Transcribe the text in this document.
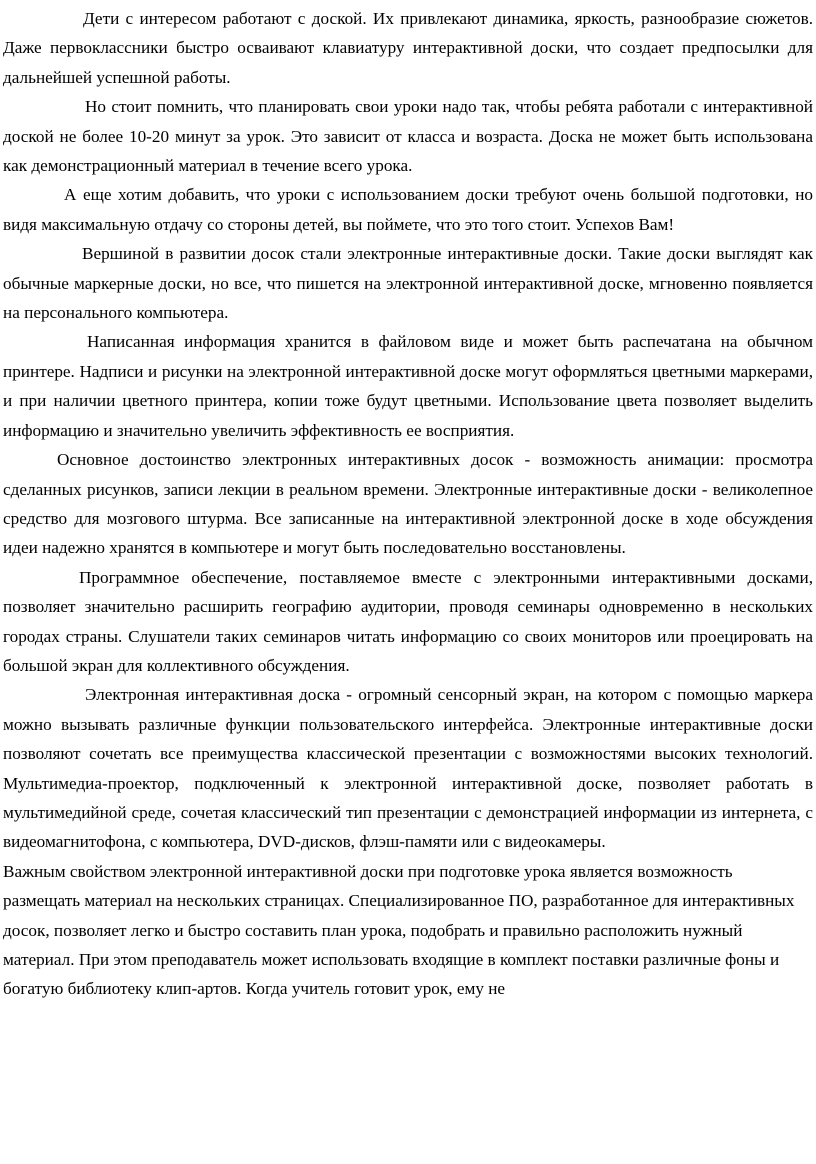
Дети с интересом работают с доской. Их привлекают динамика, яркость, разнообразие сюжетов. Даже первоклассники быстро осваивают клавиатуру интерактивной доски, что создает предпосылки для дальнейшей успешной работы.

Но стоит помнить, что планировать свои уроки надо так, чтобы ребята работали с интерактивной доской не более 10-20 минут за урок. Это зависит от класса и возраста. Доска не может быть использована как демонстрационный материал в течение всего урока.

А еще хотим добавить, что уроки с использованием доски требуют очень большой подготовки, но видя максимальную отдачу со стороны детей, вы поймете, что это того стоит. Успехов Вам!

Вершиной в развитии досок стали электронные интерактивные доски. Такие доски выглядят как обычные маркерные доски, но все, что пишется на электронной интерактивной доске, мгновенно появляется на персонального компьютера.

Написанная информация хранится в файловом виде и может быть распечатана на обычном принтере. Надписи и рисунки на электронной интерактивной доске могут оформляться цветными маркерами, и при наличии цветного принтера, копии тоже будут цветными. Использование цвета позволяет выделить информацию и значительно увеличить эффективность ее восприятия.

Основное достоинство электронных интерактивных досок - возможность анимации: просмотра сделанных рисунков, записи лекции в реальном времени. Электронные интерактивные доски - великолепное средство для мозгового штурма. Все записанные на интерактивной электронной доске в ходе обсуждения идеи надежно хранятся в компьютере и могут быть последовательно восстановлены.

Программное обеспечение, поставляемое вместе с электронными интерактивными досками, позволяет значительно расширить географию аудитории, проводя семинары одновременно в нескольких городах страны. Слушатели таких семинаров читать информацию со своих мониторов или проецировать на большой экран для коллективного обсуждения.

Электронная интерактивная доска - огромный сенсорный экран, на котором с помощью маркера можно вызывать различные функции пользовательского интерфейса. Электронные интерактивные доски позволяют сочетать все преимущества классической презентации с возможностями высоких технологий. Мультимедиа-проектор, подключенный к электронной интерактивной доске, позволяет работать в мультимедийной среде, сочетая классический тип презентации с демонстрацией информации из интернета, с видеомагнитофона, с компьютера, DVD-дисков, флэш-памяти или с видеокамеры.

Важным свойством электронной интерактивной доски при подготовке урока является возможность размещать материал на нескольких страницах. Специализированное ПО, разработанное для интерактивных досок, позволяет легко и быстро составить план урока, подобрать и правильно расположить нужный материал. При этом преподаватель может использовать входящие в комплект поставки различные фоны и богатую библиотеку клип-артов. Когда учитель готовит урок, ему не
